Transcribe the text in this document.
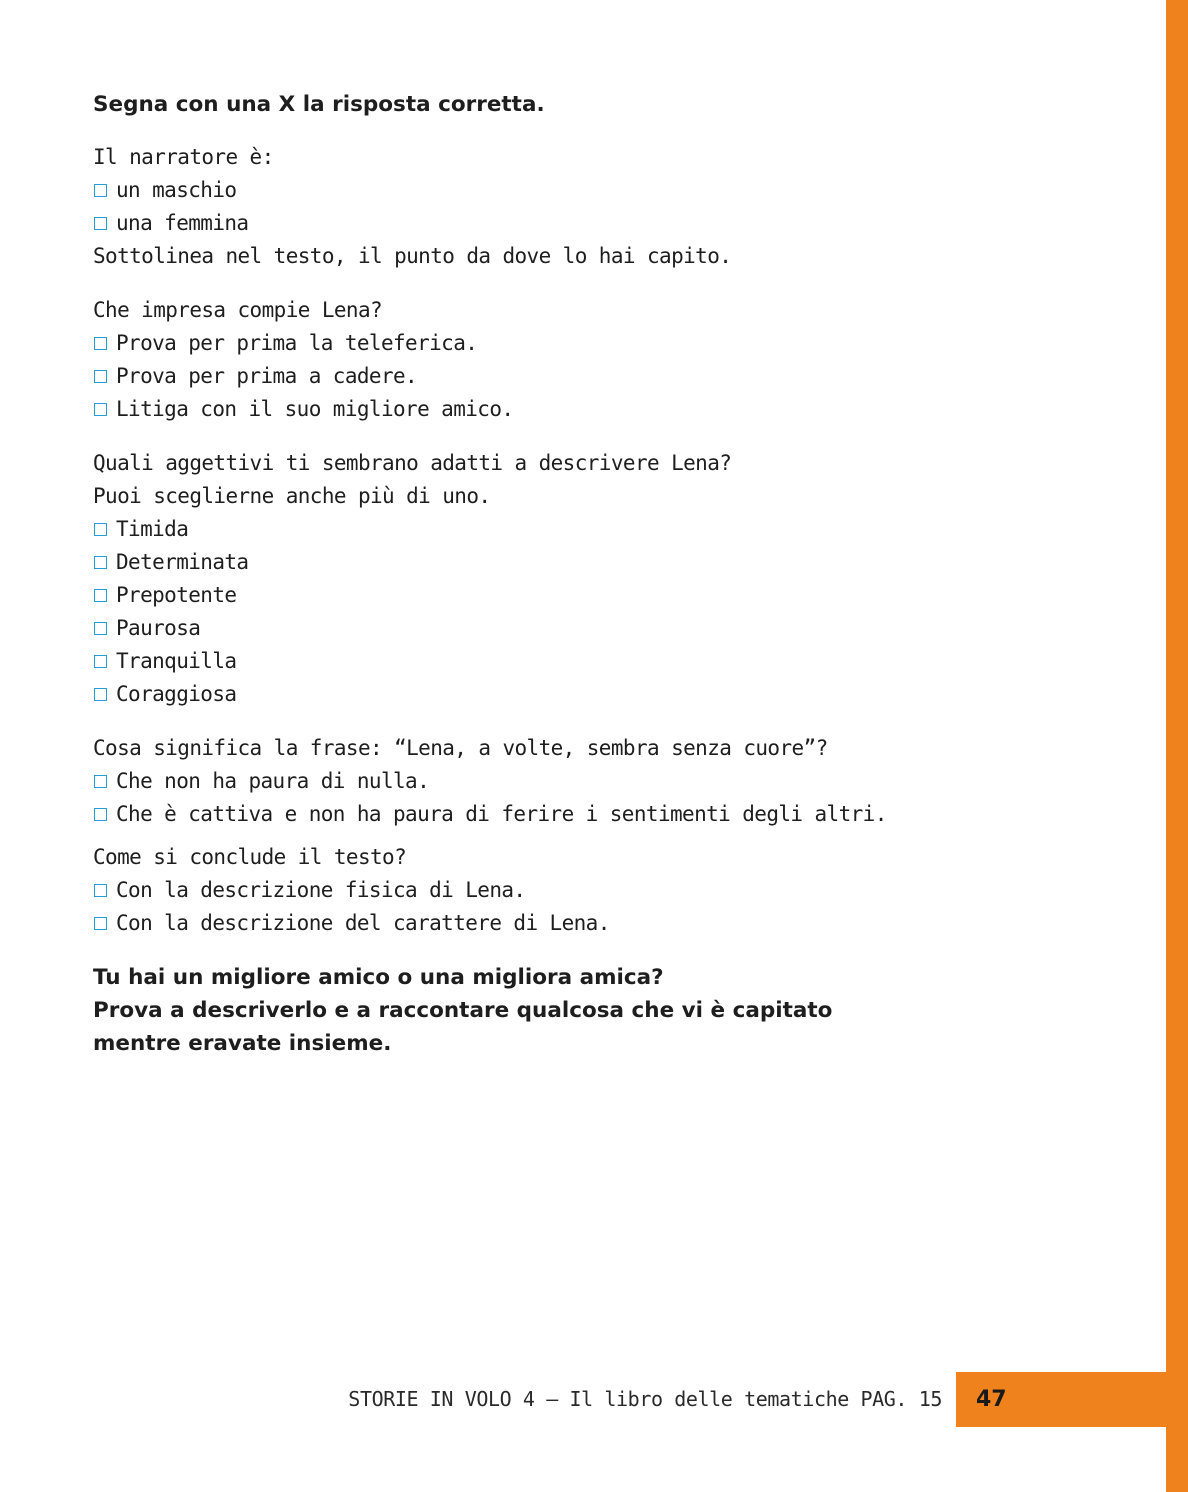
Segna con una X la risposta corretta.
Il narratore è:
un maschio
una femmina
Sottolinea nel testo, il punto da dove lo hai capito.
Che impresa compie Lena?
Prova per prima la teleferica.
Prova per prima a cadere.
Litiga con il suo migliore amico.
Quali aggettivi ti sembrano adatti a descrivere Lena?
Puoi sceglierne anche più di uno.
Timida
Determinata
Prepotente
Paurosa
Tranquilla
Coraggiosa
Cosa significa la frase: “Lena, a volte, sembra senza cuore”?
Che non ha paura di nulla.
Che è cattiva e non ha paura di ferire i sentimenti degli altri.
Come si conclude il testo?
Con la descrizione fisica di Lena.
Con la descrizione del carattere di Lena.
Tu hai un migliore amico o una migliora amica?
Prova a descriverlo e a raccontare qualcosa che vi è capitato
mentre eravate insieme.
STORIE IN VOLO 4 – Il libro delle tematiche PAG. 15 47
